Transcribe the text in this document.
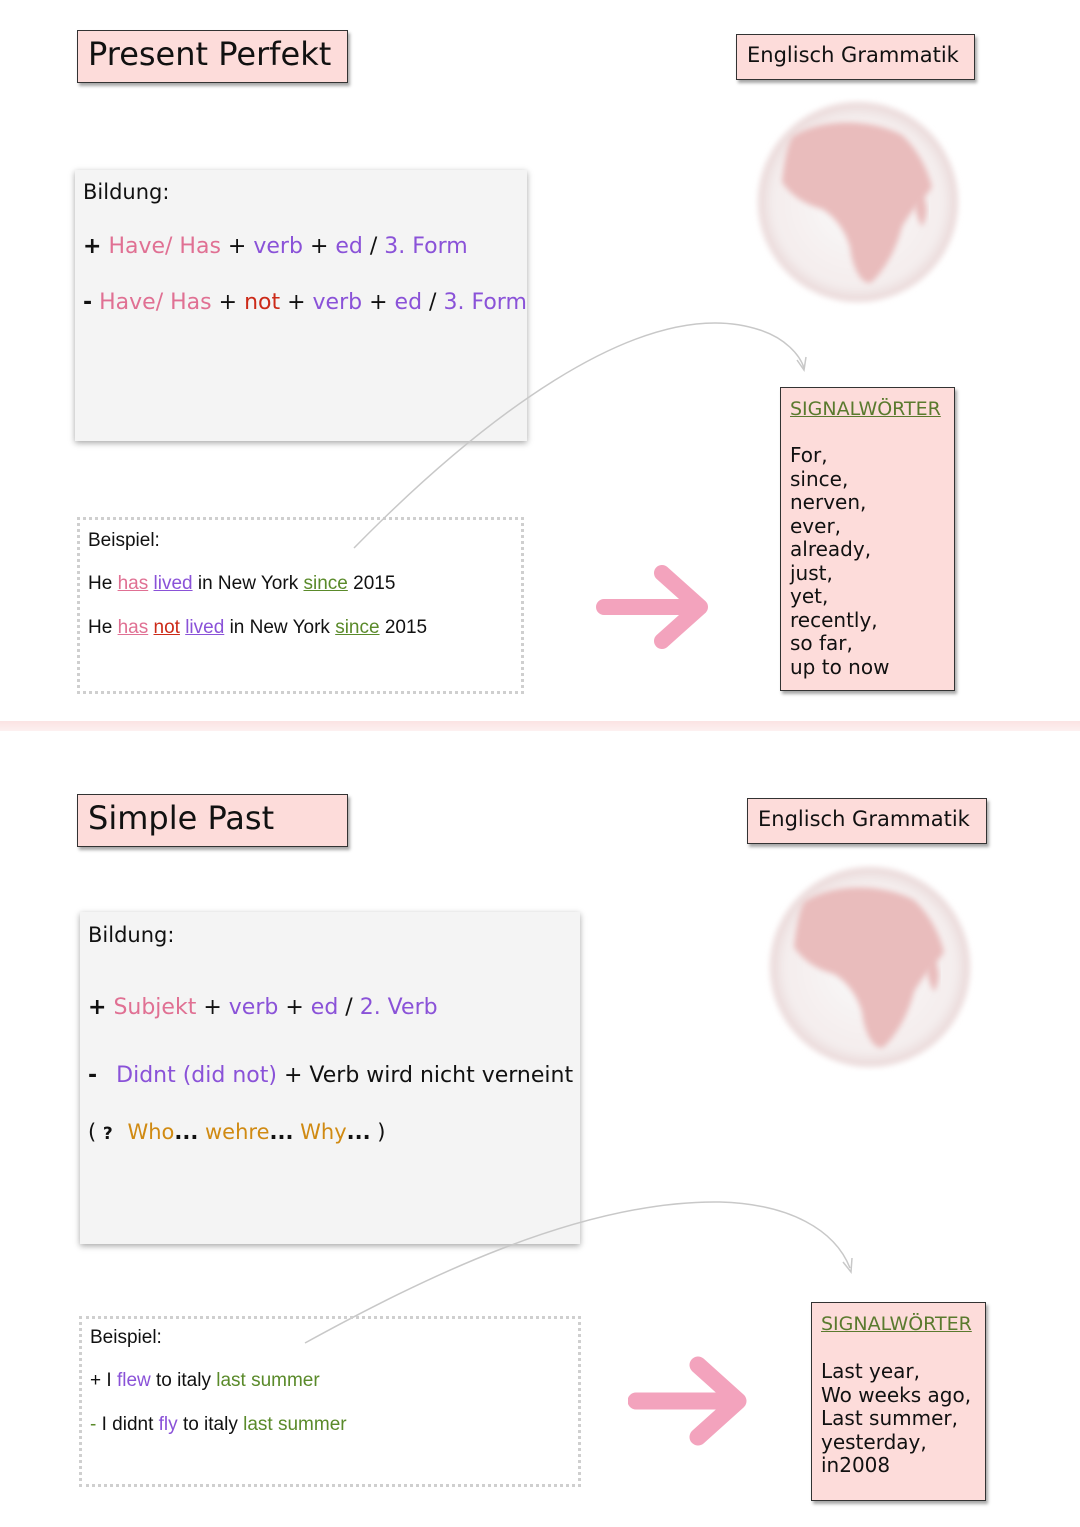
Present Perfekt	Englisch Grammatik
Bildung:
+ Have/ Has + verb + ed / 3. Form
- Have/ Has + not + verb + ed / 3. Form
Beispiel:
He has lived in New York since 2015
He has not lived in New York since 2015
SIGNALWÖRTER
For,
since,
nerven,
ever,
already,
just,
yet,
recently,
so far,
up to now
Simple Past	Englisch Grammatik
Bildung:
+ Subjekt + verb + ed / 2. Verb
- Didnt (did not) + Verb wird nicht verneint
( ? Who... wehre... Why... )
Beispiel:
+ I flew to italy last summer
- I didnt fly to italy last summer
SIGNALWÖRTER
Last year,
Wo weeks ago,
Last summer,
yesterday,
in2008
